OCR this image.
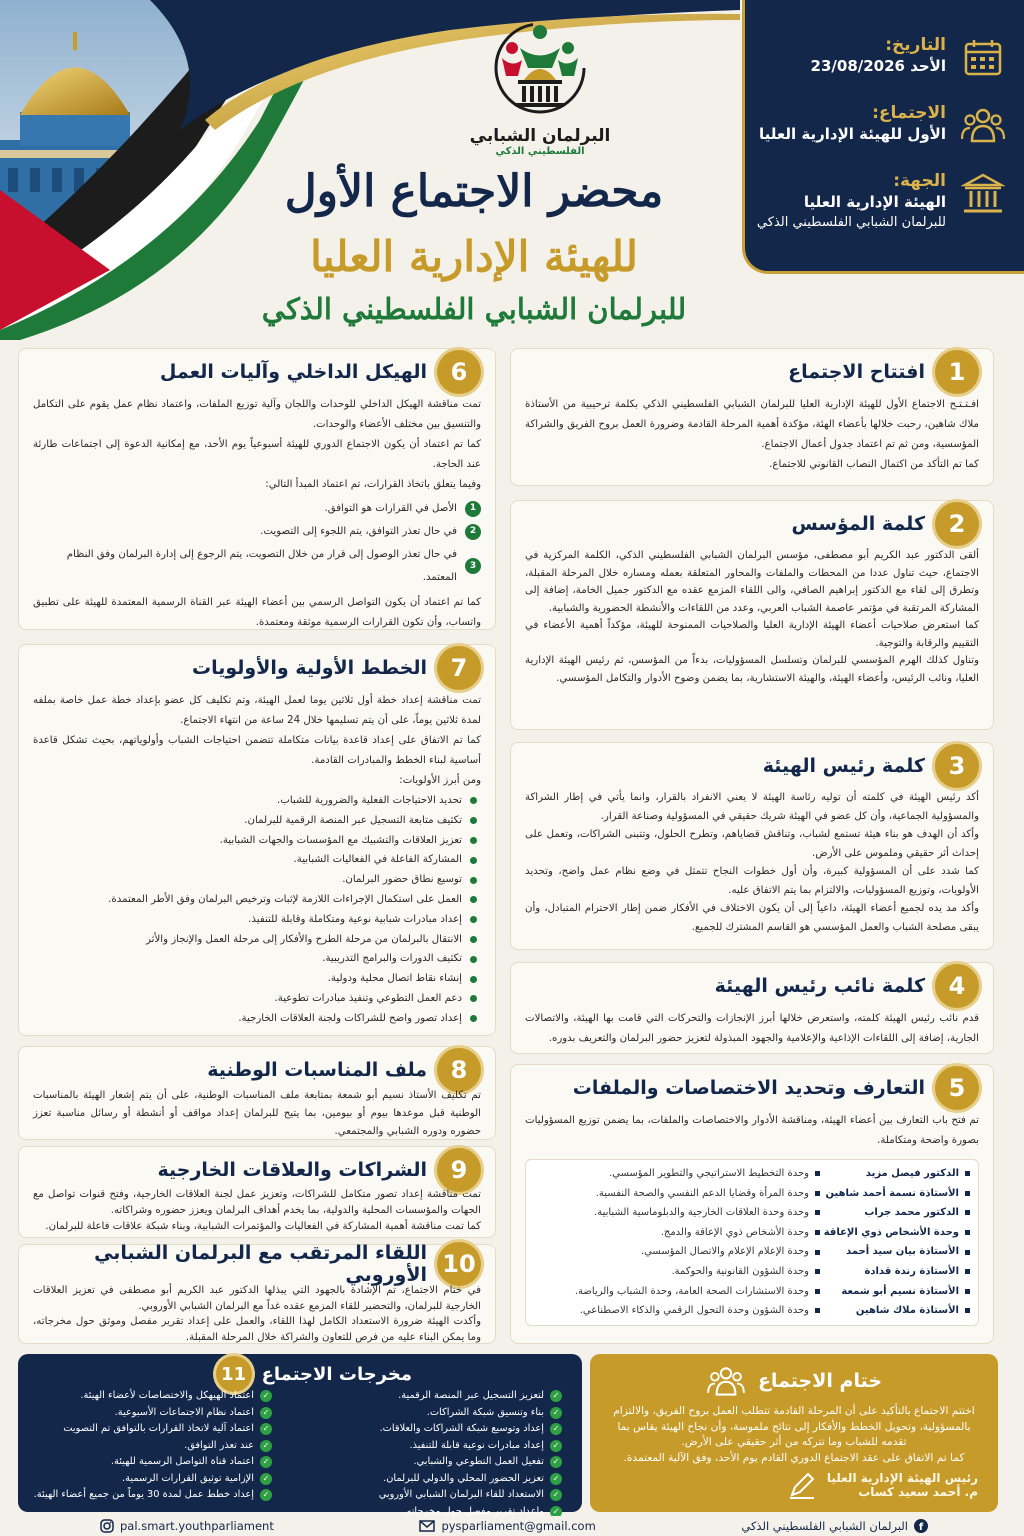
البرلمان الشبابي
الفلسطيني الذكي
محضر الاجتماع الأول
للهيئة الإدارية العليا
للبرلمان الشبابي الفلسطيني الذكي
التاريخ:
الأحد 23/08/2026
الاجتماع:
الأول للهيئة الإدارية العليا
الجهة:
الهيئة الإدارية العليا
للبرلمان الشبابي الفلسطيني الذكي
1
افتتاح الاجتماع
افـتـتـح الاجتماع الأول للهيئة الإدارية العليا للبرلمان الشبابي الفلسطيني الذكي بكلمة ترحيبية من الأستاذة ملاك شاهين، رحبت خلالها بأعضاء الهئة، مؤكدة أهمية المرحلة القادمة وضرورة العمل بروح الفريق والشراكة المؤسسية، ومن ثم تم اعتماد جدول أعمال الاجتماع.
كما تم التأكد من اكتمال النصاب القانوني للاجتماع.
2
كلمة المؤسس
ألقى الدكتور عبد الكريم أبو مصطفى، مؤسس البرلمان الشبابي الفلسطيني الذكي، الكلمة المركزية في الاجتماع، حيث تناول عددا من المحطات والملفات والمحاور المتعلقة بعمله ومساره خلال المرحلة المقبلة، وتطرق إلى لقاء مع الدكتور إبراهيم الصافي، والى اللقاء المزمع عقده مع الدكتور جميل الخامة، إضافة إلى المشاركة المرتقبة في مؤتمر عاصمة الشباب العربي، وعدد من اللقاءات والأنشطة الحضورية والشبابية.
كما استعرض صلاحيات أعضاء الهيئة الإدارية العليا والصلاحيات الممنوحة للهيئة، مؤكداً أهمية الأعضاء في التقييم والرقابة والتوجية.
وتناول كذلك الهرم المؤسسي للبرلمان وتسلسل المسؤوليات، بدءاً من المؤسس، ثم رئيس الهيئة الإدارية العليا، ونائب الرئيس، وأعضاء الهيئة، والهيئة الاستشارية، بما يضمن وضوح الأدوار والتكامل المؤسسي.
3
كلمة رئيس الهيئة
أكد رئيس الهيئة في كلمته أن توليه رئاسة الهيئة لا يعني الانفراد بالقرار، وانما يأتي في إطار الشراكة والمسؤولية الجماعية، وأن كل عضو في الهيئة شريك حقيقي في المسؤولية وصناعة القرار.
وأكد أن الهدف هو بناء هيئة تستمع لشباب، وتناقش قضاياهم، وتطرح الحلول، وتتبنى الشراكات، وتعمل على إحداث أثر حقيقي وملموس على الأرض.
كما شدد على أن المسؤولية كبيرة، وأن أول خطوات النجاح تتمثل في وضع نظام عمل واضح، وتحديد الأولويات، وتوزيع المسؤوليات، والالتزام بما يتم الاتفاق عليه.
وأكد مد يده لجميع أعضاء الهيئة، داعياً إلى أن يكون الاختلاف في الأفكار ضمن إطار الاحترام المتبادل، وأن يبقى مصلحة الشباب والعمل المؤسسي هو القاسم المشترك للجميع.
4
كلمة نائب رئيس الهيئة
قدم نائب رئيس الهيئة كلمته، واستعرض خلالها أبرز الإنجازات والتحركات التي قامت بها الهيئة، والاتصالات الجارية، إضافة إلى اللقاءات الإذاعية والإعلامية والجهود المبذولة لتعزيز حضور البرلمان والتعريف بدوره.
5
التعارف وتحديد الاختصاصات والملفات
تم فتح باب التعارف بين أعضاء الهيئة، ومناقشة الأدوار والاختصاصات والملفات، بما يضمن توزيع المسؤوليات بصورة واضحة ومتكاملة.
الدكتور فيصل مزيد
وحدة التخطيط الاستراتيجي والتطوير المؤسسي.
الأستاذة نسمة أحمد شاهين
وحدة المرأة وقضايا الدعم النفسي والصحة النفسية.
الدكتور محمد جراب
وحدة وحدة العلاقات الخارجية والدبلوماسية الشبابية.
وحدة الأشخاص ذوي الإعاقة
وحدة الأشخاص ذوي الإعاقة والدمج.
الأستاذة بيان سيد أحمد
وحدة الإعلام الإعلام والاتصال المؤسسي.
الأستاذة رندة قدادة
وحدة الشؤون القانونية والحوكمة.
الأستاذة نسيم أبو شمعة
وحدة الاستشارات الصحة العامة، وحدة الشباب والرياضة.
الأستاذة ملاك شاهين
وحدة الشؤون وحدة التحول الرقمي والذكاء الاصطناعي.
6
الهيكل الداخلي وآليات العمل
تمت مناقشة الهيكل الداخلي للوحدات واللجان وآلية توزيع الملفات، واعتماد نظام عمل يقوم على التكامل والتنسيق بين مختلف الأعضاء والوحدات.
كما تم اعتماد أن يكون الاجتماع الدوري للهيئة أسبوعياً يوم الأحد، مع إمكانية الدعوة إلى اجتماعات طارئة عند الحاجة.
وفيما يتعلق باتخاذ القرارات، تم اعتماد المبدأ التالي:
1
الأصل في القرارات هو التوافق.
2
في حال تعذر التوافق، يتم اللجوء إلى التصويت.
3
في حال تعذر الوصول إلى قرار من خلال التصويت، يتم الرجوع إلى إدارة البرلمان وفق النظام المعتمد.
كما تم اعتماد أن يكون التواصل الرسمي بين أعضاء الهيئة عبر القناة الرسمية المعتمدة للهيئة على تطبيق واتساب، وأن تكون القرارات الرسمية موثقة ومعتمدة.
7
الخطط الأولية والأولويات
تمت مناقشة إعداد خطة أول ثلاثين يوما لعمل الهيئة، وتم تكليف كل عضو بإعداد خطة عمل خاصة بملفه لمدة ثلاثين يوماً، على أن يتم تسليمها خلال 24 ساعة من انتهاء الاجتماع.
كما تم الاتفاق على إعداد قاعدة بيانات متكاملة تتضمن احتياجات الشباب وأولوياتهم، بحيث تشكل قاعدة أساسية لبناء الخطط والمبادرات القادمة.
ومن أبرز الأولويات:
تحديد الاحتياجات الفعلية والضرورية للشباب.
تكثيف متابعة التسجيل عبر المنصة الرقمية للبرلمان.
تعزيز العلاقات والتشبيك مع المؤسسات والجهات الشبابية.
المشاركة الفاعلة في الفعاليات الشبابية.
توسيع نطاق حضور البرلمان.
العمل على استكمال الإجراءات اللازمة لإثبات وترخيص البرلمان وفق الأطر المعتمدة.
إعداد مبادرات شبابية نوعية ومتكاملة وقابلة للتنفيذ.
الانتقال بالبرلمان من مرحلة الطرح والأفكار إلى مرحلة العمل والإنجاز والأثر
تكثيف الدورات والبرامج التدريبية.
إنشاء نقاط اتصال محلية ودولية.
دعم العمل التطوعي وتنفيذ مبادرات تطوعية.
إعداد تصور واضح للشراكات ولجنة العلاقات الخارجية.
8
ملف المناسبات الوطنية
تم تكليف الأستاذ نسيم أبو شمعة بمتابعة ملف المناسبات الوطنية، على أن يتم إشعار الهيئة بالمناسبات الوطنية قبل موعدها بيوم أو بيومين، بما يتيح للبرلمان إعداد مواقف أو أنشطة أو رسائل مناسبة تعزز حضوره ودوره الشبابي والمجتمعي.
9
الشراكات والعلاقات الخارجية
تمت مناقشة إعداد تصور متكامل للشراكات، وتعزيز عمل لجنة العلاقات الخارجية، وفتح قنوات تواصل مع الجهات والمؤسسات المحلية والدولية، بما يخدم أهداف البرلمان ويعزز حضوره وشراكاته.
كما تمت مناقشة أهمية المشاركة في الفعاليات والمؤتمرات الشبابية، وبناء شبكة علاقات فاعلة للبرلمان.
10
اللقاء المرتقب مع البرلمان الشبابي الأوروبي
في ختام الاجتماع، تم الإشادة بالجهود التي يبذلها الدكتور عبد الكريم أبو مصطفى في تعزيز العلاقات الخارجية للبرلمان، والتحضير للقاء المزمع عقده غداً مع البرلمان الشبابي الأوروبي.
وأكدت الهيئة ضرورة الاستعداد الكامل لهذا اللقاء، والعمل على إعداد تقرير مفصل وموثق حول مخرجاته، وما يمكن البناء عليه من فرص للتعاون والشراكة خلال المرحلة المقبلة.
مخرجات الاجتماع
11
✓
اعتماد الهيهكل والاختصاصات لأعضاء الهيئة.
✓
اعتماد نظام الاجتماعات الأسبوعية.
✓
اعتماد آلية لاتخاذ القرارات بالتوافق تم التصويت
✓
عند تعذر التوافق.
✓
اعتماد قناة التواصل الرسمية للهيئة.
✓
الإزامية توثيق القرارات الرسمية.
✓
إعداد خطط عمل لمدة 30 يوماً من جميع أعضاء الهيئة.
✓
لتعزيز التسجيل عبر المنصة الرقمية.
✓
بناء وتنسيق شبكة الشراكات.
✓
إعداد وتوسيع شبكة الشراكات والعلاقات.
✓
إعداد مبادرات نوعية قابلة للتنفيذ.
✓
تفعيل العمل التطوعي والشبابي.
✓
تعزيز الحضور المحلي والدولي للبرلمان.
✓
الاستعداد للقاء البرلمان الشبابي الأوروبي
✓
وإعداد تقرير مفصل حول مخرجاته.
ختام الاجتماع
اختتم الاجتماع بالتأكيد على أن المرحلة القادمة تتطلب العمل بروح الفريق، والالتزام بالمسؤولية، وتحويل الخطط والأفكار إلى نتائج ملموسة، وأن نجاح الهيئة يقاس بما تقدمه للشباب وما تتركه من أثر حقيقي على الأرض.
كما تم الاتفاق على عقد الاجتماع الدوري القادم يوم الأحد، وفق الآلية المعتمدة.
رئيس الهيئة الإدارية العليا
م. أحمد سعيد كساب
f
البرلمان الشبابي الفلسطيني الذكي
pysparliament@gmail.com
pal.smart.youthparliament
